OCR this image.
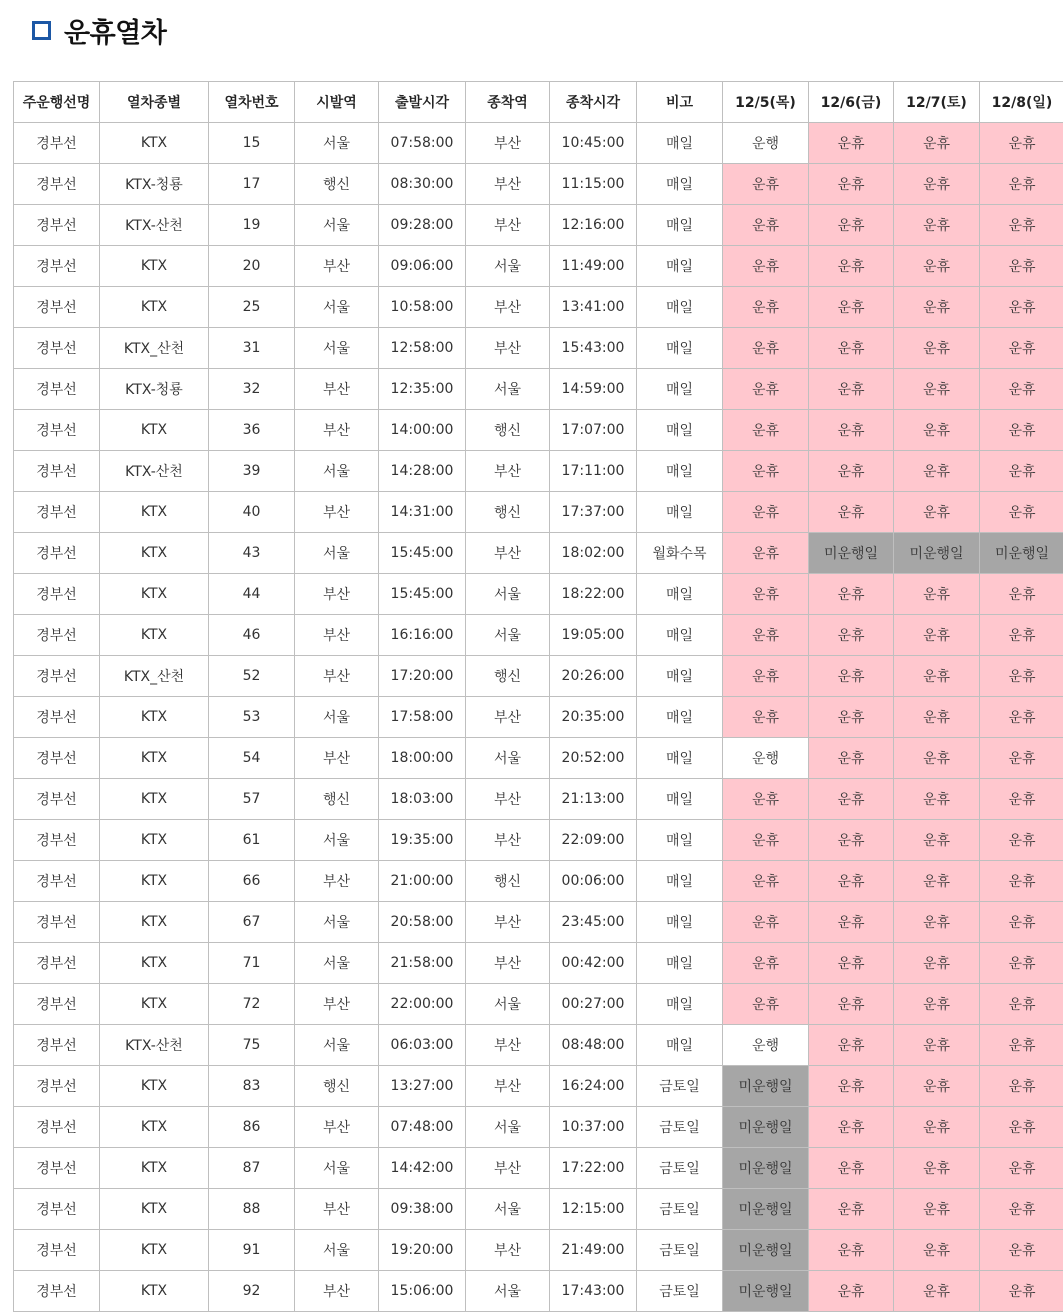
운휴열차
주운행선명	열차종별	열차번호	시발역	출발시각	종착역	종착시각	비고	12/5(목)	12/6(금)	12/7(토)	12/8(일)
경부선	KTX	15	서울	07:58:00	부산	10:45:00	매일	운행	운휴	운휴	운휴
경부선	KTX-청룡	17	행신	08:30:00	부산	11:15:00	매일	운휴	운휴	운휴	운휴
경부선	KTX-산천	19	서울	09:28:00	부산	12:16:00	매일	운휴	운휴	운휴	운휴
경부선	KTX	20	부산	09:06:00	서울	11:49:00	매일	운휴	운휴	운휴	운휴
경부선	KTX	25	서울	10:58:00	부산	13:41:00	매일	운휴	운휴	운휴	운휴
경부선	KTX_산천	31	서울	12:58:00	부산	15:43:00	매일	운휴	운휴	운휴	운휴
경부선	KTX-청룡	32	부산	12:35:00	서울	14:59:00	매일	운휴	운휴	운휴	운휴
경부선	KTX	36	부산	14:00:00	행신	17:07:00	매일	운휴	운휴	운휴	운휴
경부선	KTX-산천	39	서울	14:28:00	부산	17:11:00	매일	운휴	운휴	운휴	운휴
경부선	KTX	40	부산	14:31:00	행신	17:37:00	매일	운휴	운휴	운휴	운휴
경부선	KTX	43	서울	15:45:00	부산	18:02:00	월화수목	운휴	미운행일	미운행일	미운행일
경부선	KTX	44	부산	15:45:00	서울	18:22:00	매일	운휴	운휴	운휴	운휴
경부선	KTX	46	부산	16:16:00	서울	19:05:00	매일	운휴	운휴	운휴	운휴
경부선	KTX_산천	52	부산	17:20:00	행신	20:26:00	매일	운휴	운휴	운휴	운휴
경부선	KTX	53	서울	17:58:00	부산	20:35:00	매일	운휴	운휴	운휴	운휴
경부선	KTX	54	부산	18:00:00	서울	20:52:00	매일	운행	운휴	운휴	운휴
경부선	KTX	57	행신	18:03:00	부산	21:13:00	매일	운휴	운휴	운휴	운휴
경부선	KTX	61	서울	19:35:00	부산	22:09:00	매일	운휴	운휴	운휴	운휴
경부선	KTX	66	부산	21:00:00	행신	00:06:00	매일	운휴	운휴	운휴	운휴
경부선	KTX	67	서울	20:58:00	부산	23:45:00	매일	운휴	운휴	운휴	운휴
경부선	KTX	71	서울	21:58:00	부산	00:42:00	매일	운휴	운휴	운휴	운휴
경부선	KTX	72	부산	22:00:00	서울	00:27:00	매일	운휴	운휴	운휴	운휴
경부선	KTX-산천	75	서울	06:03:00	부산	08:48:00	매일	운행	운휴	운휴	운휴
경부선	KTX	83	행신	13:27:00	부산	16:24:00	금토일	미운행일	운휴	운휴	운휴
경부선	KTX	86	부산	07:48:00	서울	10:37:00	금토일	미운행일	운휴	운휴	운휴
경부선	KTX	87	서울	14:42:00	부산	17:22:00	금토일	미운행일	운휴	운휴	운휴
경부선	KTX	88	부산	09:38:00	서울	12:15:00	금토일	미운행일	운휴	운휴	운휴
경부선	KTX	91	서울	19:20:00	부산	21:49:00	금토일	미운행일	운휴	운휴	운휴
경부선	KTX	92	부산	15:06:00	서울	17:43:00	금토일	미운행일	운휴	운휴	운휴
